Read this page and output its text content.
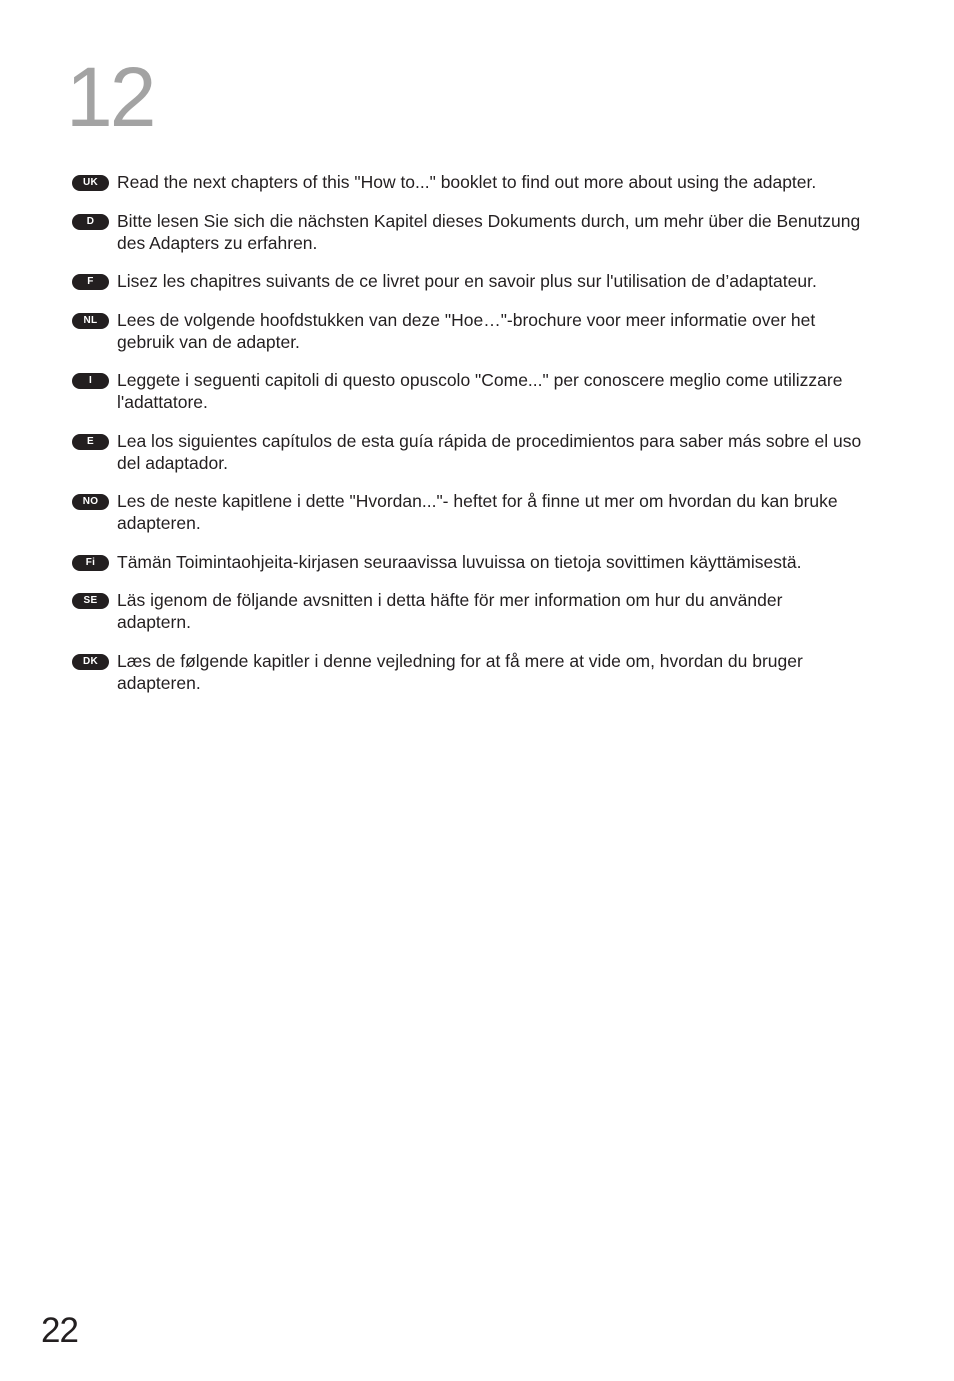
12
UK	Read the next chapters of this "How to..." booklet to find out more about using the adapter.
D	Bitte lesen Sie sich die nächsten Kapitel dieses Dokuments durch, um mehr über die Benutzung
des Adapters zu erfahren.
F	Lisez les chapitres suivants de ce livret pour en savoir plus sur l'utilisation de d’adaptateur.
NL	Lees de volgende hoofdstukken van deze "Hoe…"-brochure voor meer informatie over het
gebruik van de adapter.
I	Leggete i seguenti capitoli di questo opuscolo "Come..." per conoscere meglio come utilizzare
l'adattatore.
E	Lea los siguientes capítulos de esta guía rápida de procedimientos para saber más sobre el uso
del adaptador.
NO	Les de neste kapitlene i dette "Hvordan..."- heftet for å finne ut mer om hvordan du kan bruke
adapteren.
Fi	Tämän Toimintaohjeita-kirjasen seuraavissa luvuissa on tietoja sovittimen käyttämisestä.
SE	Läs igenom de följande avsnitten i detta häfte för mer information om hur du använder
adaptern.
DK	Læs de følgende kapitler i denne vejledning for at få mere at vide om, hvordan du bruger
adapteren.
22
